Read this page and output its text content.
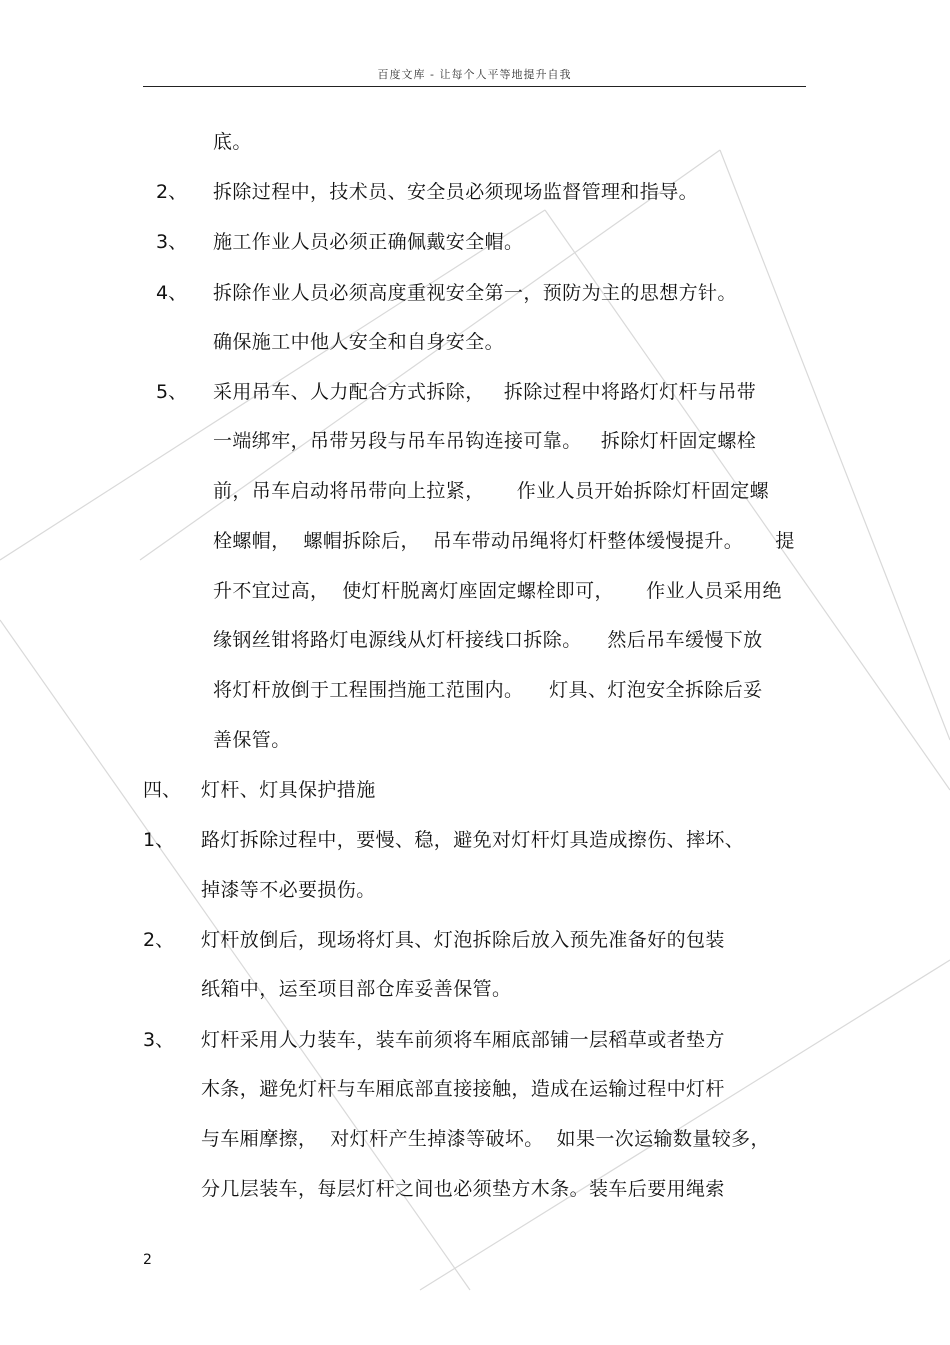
百度文库 - 让每个人平等地提升自我
底。
2、 拆除过程中，技术员、安全员必须现场监督管理和指导。
3、 施工作业人员必须正确佩戴安全帽。
4、 拆除作业人员必须高度重视安全第一，预防为主的思想方针。
确保施工中他人安全和自身安全。
5、 采用吊车、人力配合方式拆除，   拆除过程中将路灯灯杆与吊带
一端绑牢，吊带另段与吊车吊钩连接可靠。   拆除灯杆固定螺栓
前，吊车启动将吊带向上拉紧，     作业人员开始拆除灯杆固定螺
栓螺帽，  螺帽拆除后，  吊车带动吊绳将灯杆整体缓慢提升。     提
升不宜过高，  使灯杆脱离灯座固定螺栓即可，     作业人员采用绝
缘钢丝钳将路灯电源线从灯杆接线口拆除。    然后吊车缓慢下放
将灯杆放倒于工程围挡施工范围内。    灯具、灯泡安全拆除后妥
善保管。
四、 灯杆、灯具保护措施
1、 路灯拆除过程中，要慢、稳，避免对灯杆灯具造成擦伤、摔坏、
掉漆等不必要损伤。
2、 灯杆放倒后，现场将灯具、灯泡拆除后放入预先准备好的包装
纸箱中，运至项目部仓库妥善保管。
3、 灯杆采用人力装车，装车前须将车厢底部铺一层稻草或者垫方
木条，避免灯杆与车厢底部直接接触，造成在运输过程中灯杆
与车厢摩擦，  对灯杆产生掉漆等破坏。  如果一次运输数量较多，
分几层装车，每层灯杆之间也必须垫方木条。装车后要用绳索
2
